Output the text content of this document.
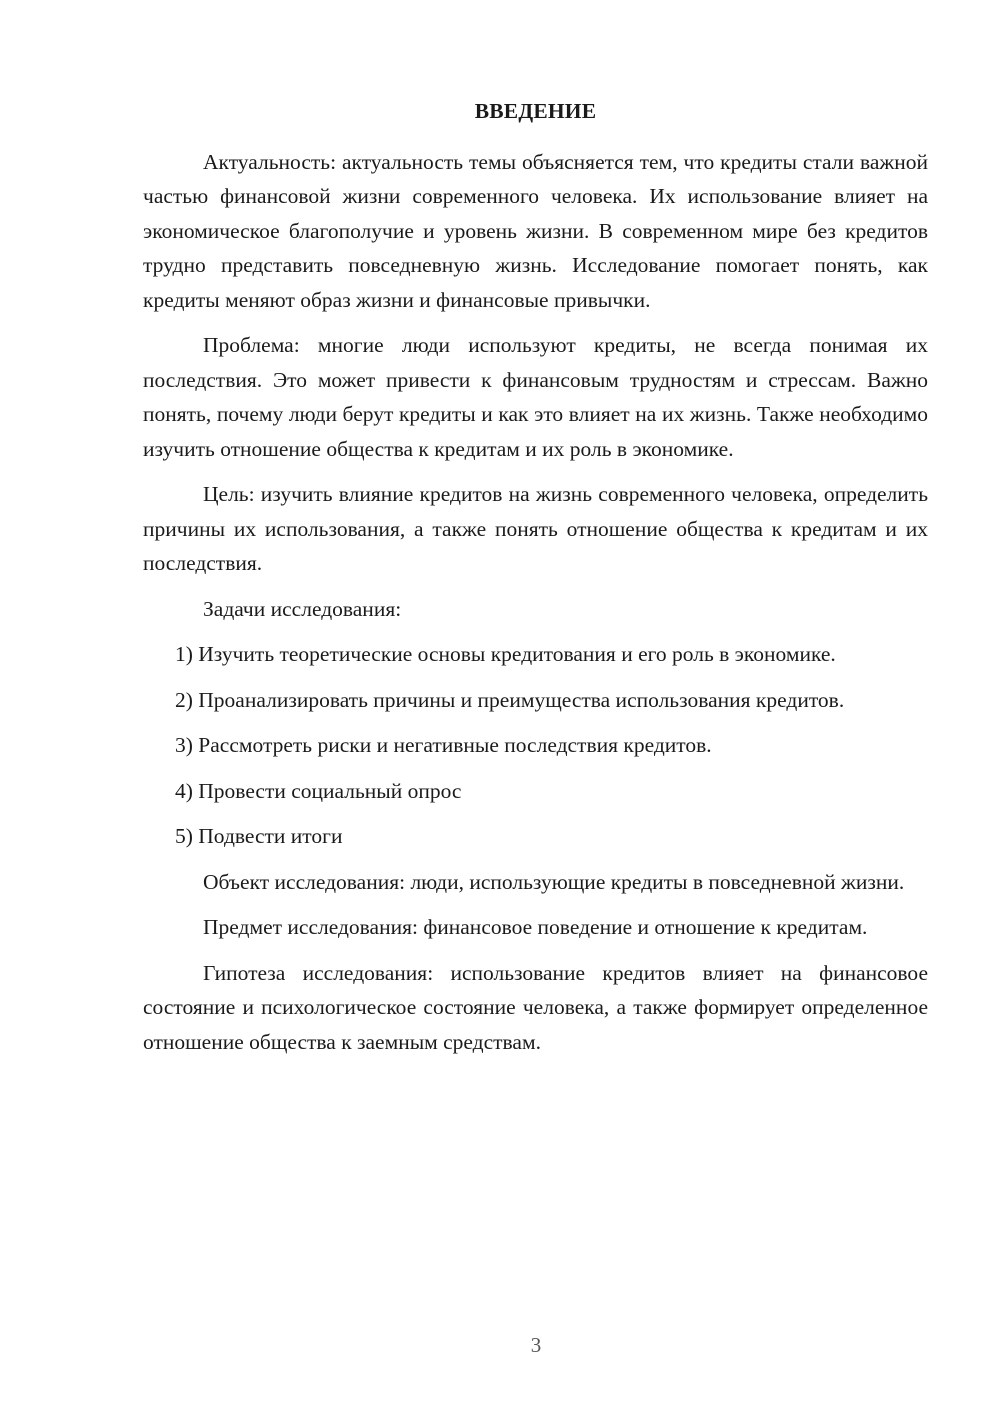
ВВЕДЕНИЕ

Актуальность: актуальность темы объясняется тем, что кредиты стали важной частью финансовой жизни современного человека. Их использование влияет на экономическое благополучие и уровень жизни. В современном мире без кредитов трудно представить повседневную жизнь. Исследование помогает понять, как кредиты меняют образ жизни и финансовые привычки.

Проблема: многие люди используют кредиты, не всегда понимая их последствия. Это может привести к финансовым трудностям и стрессам. Важно понять, почему люди берут кредиты и как это влияет на их жизнь. Также необходимо изучить отношение общества к кредитам и их роль в экономике.

Цель: изучить влияние кредитов на жизнь современного человека, определить причины их использования, а также понять отношение общества к кредитам и их последствия.

Задачи исследования:

1) Изучить теоретические основы кредитования и его роль в экономике.

2) Проанализировать причины и преимущества использования кредитов.

3) Рассмотреть риски и негативные последствия кредитов.

4) Провести социальный опрос

5) Подвести итоги

Объект исследования: люди, использующие кредиты в повседневной жизни.

Предмет исследования: финансовое поведение и отношение к кредитам.

Гипотеза исследования: использование кредитов влияет на финансовое состояние и психологическое состояние человека, а также формирует определенное отношение общества к заемным средствам.

3
